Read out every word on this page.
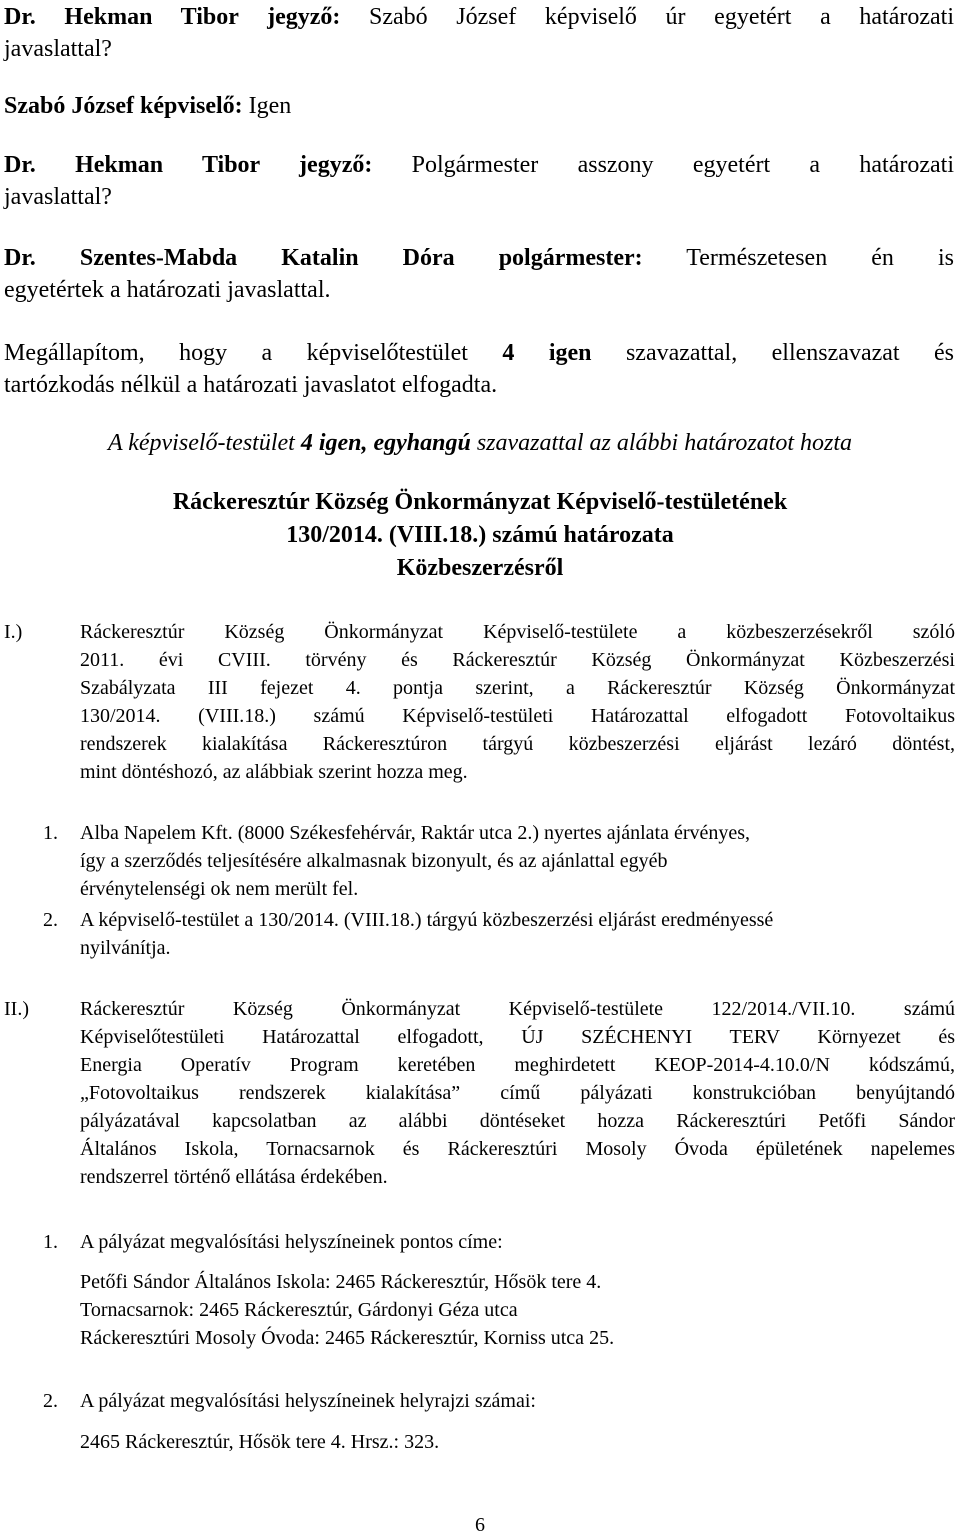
Dr. Hekman Tibor jegyző: Szabó József képviselő úr egyetért a határozati
javaslattal?
Szabó József képviselő: Igen
Dr. Hekman Tibor jegyző: Polgármester asszony egyetért a határozati
javaslattal?
Dr. Szentes-Mabda Katalin Dóra polgármester: Természetesen én is
egyetértek a határozati javaslattal.
Megállapítom, hogy a képviselőtestület 4 igen szavazattal, ellenszavazat és
tartózkodás nélkül a határozati javaslatot elfogadta.
A képviselő-testület 4 igen, egyhangú szavazattal az alábbi határozatot hozta
Ráckeresztúr Község Önkormányzat Képviselő-testületének
130/2014. (VIII.18.) számú határozata
Közbeszerzésről
I.)	Ráckeresztúr Község Önkormányzat Képviselő-testülete a közbeszerzésekről szóló
2011. évi CVIII. törvény és Ráckeresztúr Község Önkormányzat Közbeszerzési
Szabályzata III fejezet 4. pontja szerint, a Ráckeresztúr Község Önkormányzat
130/2014. (VIII.18.) számú Képviselő-testületi Határozattal elfogadott Fotovoltaikus
rendszerek kialakítása Ráckeresztúron tárgyú közbeszerzési eljárást lezáró döntést,
mint döntéshozó, az alábbiak szerint hozza meg.
1. Alba Napelem Kft. (8000 Székesfehérvár, Raktár utca 2.) nyertes ajánlata érvényes,
így a szerződés teljesítésére alkalmasnak bizonyult, és az ajánlattal egyéb
érvénytelenségi ok nem merült fel.
2. A képviselő-testület a 130/2014. (VIII.18.) tárgyú közbeszerzési eljárást eredményessé
nyilvánítja.
II.)	Ráckeresztúr Község Önkormányzat Képviselő-testülete 122/2014./VII.10. számú
Képviselőtestületi Határozattal elfogadott, ÚJ SZÉCHENYI TERV Környezet és
Energia Operatív Program keretében meghirdetett KEOP-2014-4.10.0/N kódszámú,
„Fotovoltaikus rendszerek kialakítása” című pályázati konstrukcióban benyújtandó
pályázatával kapcsolatban az alábbi döntéseket hozza Ráckeresztúri Petőfi Sándor
Általános Iskola, Tornacsarnok és Ráckeresztúri Mosoly Óvoda épületének napelemes
rendszerrel történő ellátása érdekében.
1. A pályázat megvalósítási helyszíneinek pontos címe:
Petőfi Sándor Általános Iskola: 2465 Ráckeresztúr, Hősök tere 4.
Tornacsarnok: 2465 Ráckeresztúr, Gárdonyi Géza utca
Ráckeresztúri Mosoly Óvoda: 2465 Ráckeresztúr, Korniss utca 25.
2. A pályázat megvalósítási helyszíneinek helyrajzi számai:
2465 Ráckeresztúr, Hősök tere 4. Hrsz.: 323.
6
